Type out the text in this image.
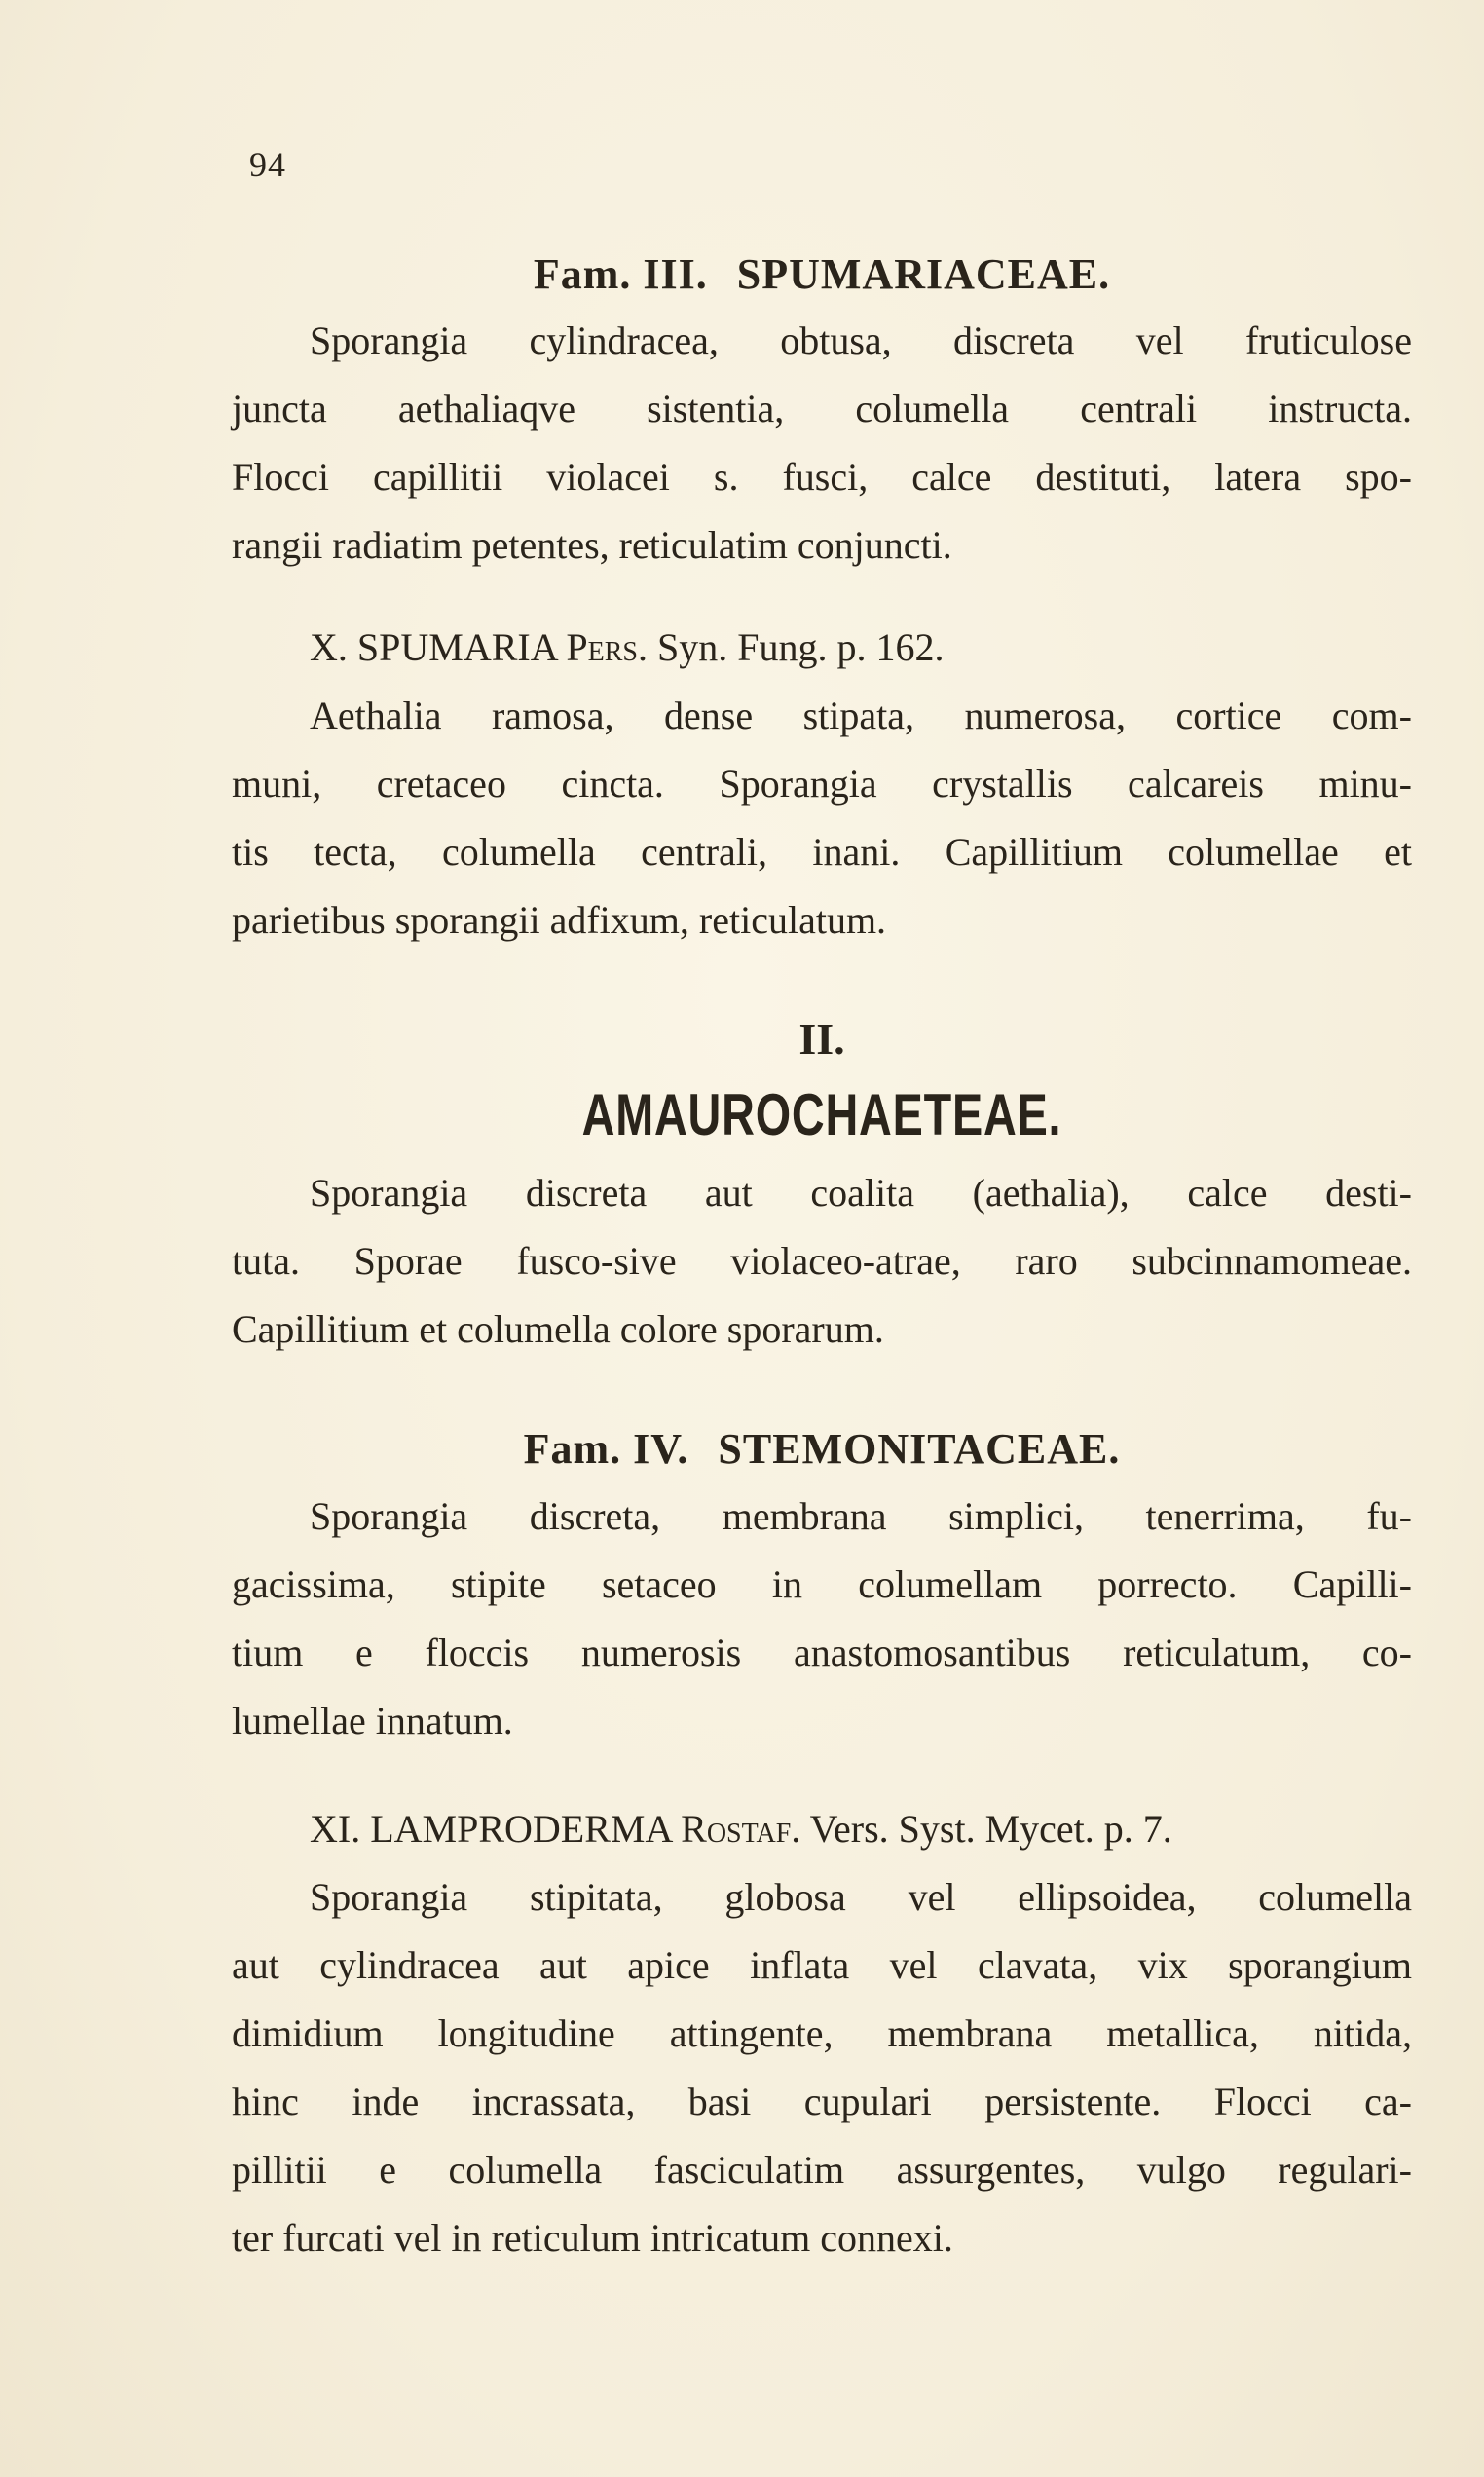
94
Fam. III. SPUMARIACEAE.
Sporangia cylindracea, obtusa, discreta vel fruticulose
juncta aethaliaqve sistentia, columella centrali instructa.
Flocci capillitii violacei s. fusci, calce destituti, latera spo-
rangii radiatim petentes, reticulatim conjuncti.
X. SPUMARIA Pers. Syn. Fung. p. 162.
Aethalia ramosa, dense stipata, numerosa, cortice com-
muni, cretaceo cincta. Sporangia crystallis calcareis minu-
tis tecta, columella centrali, inani. Capillitium columellae et
parietibus sporangii adfixum, reticulatum.
II.
AMAUROCHAETEAE.
Sporangia discreta aut coalita (aethalia), calce desti-
tuta. Sporae fusco-sive violaceo-atrae, raro subcinnamomeae.
Capillitium et columella colore sporarum.
Fam. IV. STEMONITACEAE.
Sporangia discreta, membrana simplici, tenerrima, fu-
gacissima, stipite setaceo in columellam porrecto. Capilli-
tium e floccis numerosis anastomosantibus reticulatum, co-
lumellae innatum.
XI. LAMPRODERMA Rostaf. Vers. Syst. Mycet. p. 7.
Sporangia stipitata, globosa vel ellipsoidea, columella
aut cylindracea aut apice inflata vel clavata, vix sporangium
dimidium longitudine attingente, membrana metallica, nitida,
hinc inde incrassata, basi cupulari persistente. Flocci ca-
pillitii e columella fasciculatim assurgentes, vulgo regulari-
ter furcati vel in reticulum intricatum connexi.
